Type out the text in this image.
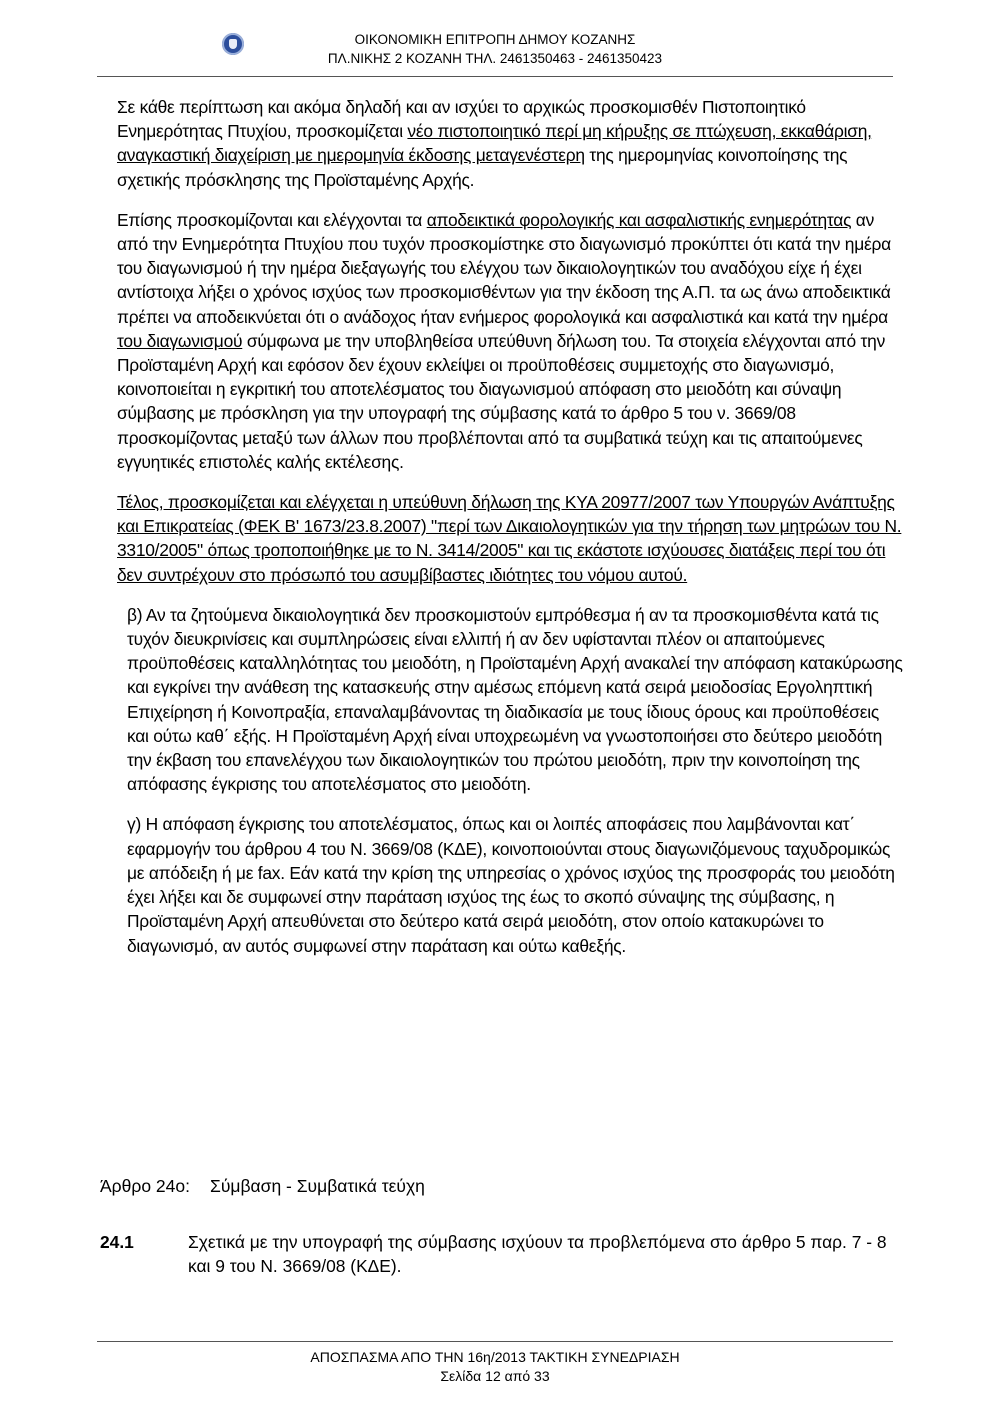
ΟΙΚΟΝΟΜΙΚΗ ΕΠΙΤΡΟΠΗ ΔΗΜΟΥ ΚΟΖΑΝΗΣ
ΠΛ.ΝΙΚΗΣ 2 ΚΟΖΑΝΗ ΤΗΛ. 2461350463 - 2461350423

Σε κάθε περίπτωση και ακόμα δηλαδή και αν ισχύει το αρχικώς προσκομισθέν Πιστοποιητικό Ενημερότητας Πτυχίου, προσκομίζεται νέο πιστοποιητικό περί μη κήρυξης σε πτώχευση, εκκαθάριση, αναγκαστική διαχείριση με ημερομηνία έκδοσης μεταγενέστερη της ημερομηνίας κοινοποίησης της σχετικής πρόσκλησης της Προϊσταμένης Αρχής.

Επίσης προσκομίζονται και ελέγχονται τα αποδεικτικά φορολογικής και ασφαλιστικής ενημερότητας αν από την Ενημερότητα Πτυχίου που τυχόν προσκομίστηκε στο διαγωνισμό προκύπτει ότι κατά την ημέρα του διαγωνισμού ή την ημέρα διεξαγωγής του ελέγχου των δικαιολογητικών του αναδόχου είχε ή έχει αντίστοιχα λήξει ο χρόνος ισχύος των προσκομισθέντων για την έκδοση της Α.Π. τα ως άνω αποδεικτικά πρέπει να αποδεικνύεται ότι ο ανάδοχος ήταν ενήμερος φορολογικά και ασφαλιστικά και κατά την ημέρα του διαγωνισμού σύμφωνα με την υποβληθείσα υπεύθυνη δήλωση του. Τα στοιχεία ελέγχονται από την Προϊσταμένη Αρχή και εφόσον δεν έχουν εκλείψει οι προϋποθέσεις συμμετοχής στο διαγωνισμό, κοινοποιείται η εγκριτική του αποτελέσματος του διαγωνισμού απόφαση στο μειοδότη και σύναψη σύμβασης με πρόσκληση για την υπογραφή της σύμβασης κατά το άρθρο 5 του ν. 3669/08 προσκομίζοντας μεταξύ των άλλων που προβλέπονται από τα συμβατικά τεύχη και τις απαιτούμενες εγγυητικές επιστολές καλής εκτέλεσης.

Τέλος, προσκομίζεται και ελέγχεται η υπεύθυνη δήλωση της ΚΥΑ 20977/2007 των Υπουργών Ανάπτυξης και Επικρατείας (ΦΕΚ Β' 1673/23.8.2007) "περί των Δικαιολογητικών για την τήρηση των μητρώων του Ν. 3310/2005" όπως τροποποιήθηκε με το Ν. 3414/2005" και τις εκάστοτε ισχύουσες διατάξεις περί του ότι δεν συντρέχουν στο πρόσωπό του ασυμβίβαστες ιδιότητες του νόμου αυτού.

β) Αν τα ζητούμενα δικαιολογητικά δεν προσκομιστούν εμπρόθεσμα ή αν τα προσκομισθέντα κατά τις τυχόν διευκρινίσεις και συμπληρώσεις είναι ελλιπή ή αν δεν υφίστανται πλέον οι απαιτούμενες προϋποθέσεις καταλληλότητας του μειοδότη, η Προϊσταμένη Αρχή ανακαλεί την απόφαση κατακύρωσης και εγκρίνει την ανάθεση της κατασκευής στην αμέσως επόμενη κατά σειρά μειοδοσίας Εργοληπτική Επιχείρηση ή Κοινοπραξία, επαναλαμβάνοντας τη διαδικασία με τους ίδιους όρους και προϋποθέσεις και ούτω καθ΄ εξής. Η Προϊσταμένη Αρχή είναι υποχρεωμένη να γνωστοποιήσει στο δεύτερο μειοδότη την έκβαση του επανελέγχου των δικαιολογητικών του πρώτου μειοδότη, πριν την κοινοποίηση της απόφασης έγκρισης του αποτελέσματος στο μειοδότη.

γ) Η απόφαση έγκρισης του αποτελέσματος, όπως και οι λοιπές αποφάσεις που λαμβάνονται κατ΄ εφαρμογήν του άρθρου 4 του Ν. 3669/08 (ΚΔΕ), κοινοποιούνται στους διαγωνιζόμενους ταχυδρομικώς με απόδειξη ή με fax. Εάν κατά την κρίση της υπηρεσίας ο χρόνος ισχύος της προσφοράς του μειοδότη έχει λήξει και δε συμφωνεί στην παράταση ισχύος της έως το σκοπό σύναψης της σύμβασης, η Προϊσταμένη Αρχή απευθύνεται στο δεύτερο κατά σειρά μειοδότη, στον οποίο κατακυρώνει το διαγωνισμό, αν αυτός συμφωνεί στην παράταση και ούτω καθεξής.

Άρθρο 24ο: Σύμβαση - Συμβατικά τεύχη
24.1	Σχετικά με την υπογραφή της σύμβασης ισχύουν τα προβλεπόμενα στο άρθρο 5 παρ. 7 - 8 και 9 του Ν. 3669/08 (ΚΔΕ).
ΑΠΟΣΠΑΣΜΑ ΑΠΟ ΤΗΝ 16η/2013 ΤΑΚΤΙΚΗ ΣΥΝΕΔΡΙΑΣΗ
Σελίδα 12 από 33
